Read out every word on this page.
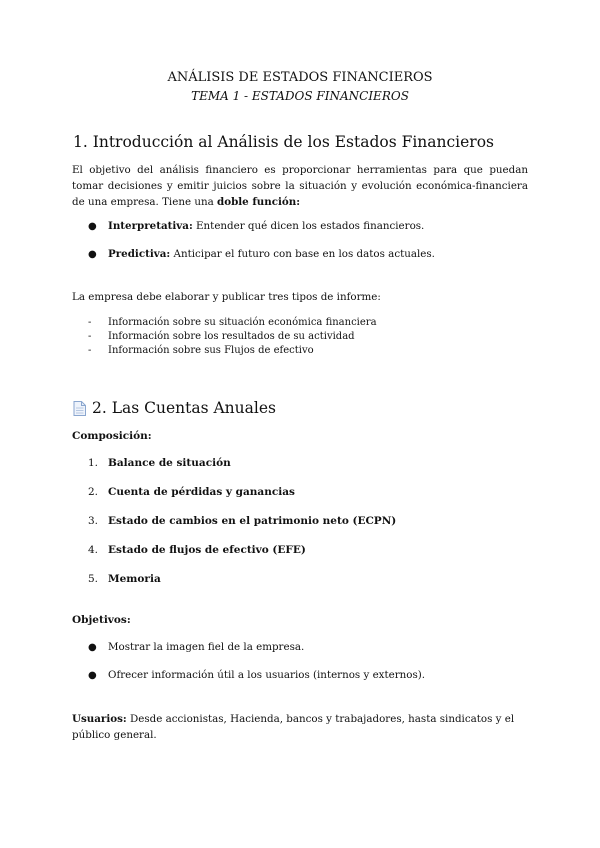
ANÁLISIS DE ESTADOS FINANCIEROS
TEMA 1 - ESTADOS FINANCIEROS
1. Introducción al Análisis de los Estados Financieros
El objetivo del análisis financiero es proporcionar herramientas para que puedan tomar decisiones y emitir juicios sobre la situación y evolución económica-financiera de una empresa. Tiene una doble función:
● Interpretativa: Entender qué dicen los estados financieros.
● Predictiva: Anticipar el futuro con base en los datos actuales.
La empresa debe elaborar y publicar tres tipos de informe:
- Información sobre su situación económica financiera
- Información sobre los resultados de su actividad
- Información sobre sus Flujos de efectivo
2. Las Cuentas Anuales
Composición:
1. Balance de situación
2. Cuenta de pérdidas y ganancias
3. Estado de cambios en el patrimonio neto (ECPN)
4. Estado de flujos de efectivo (EFE)
5. Memoria
Objetivos:
● Mostrar la imagen fiel de la empresa.
● Ofrecer información útil a los usuarios (internos y externos).
Usuarios: Desde accionistas, Hacienda, bancos y trabajadores, hasta sindicatos y el público general.
